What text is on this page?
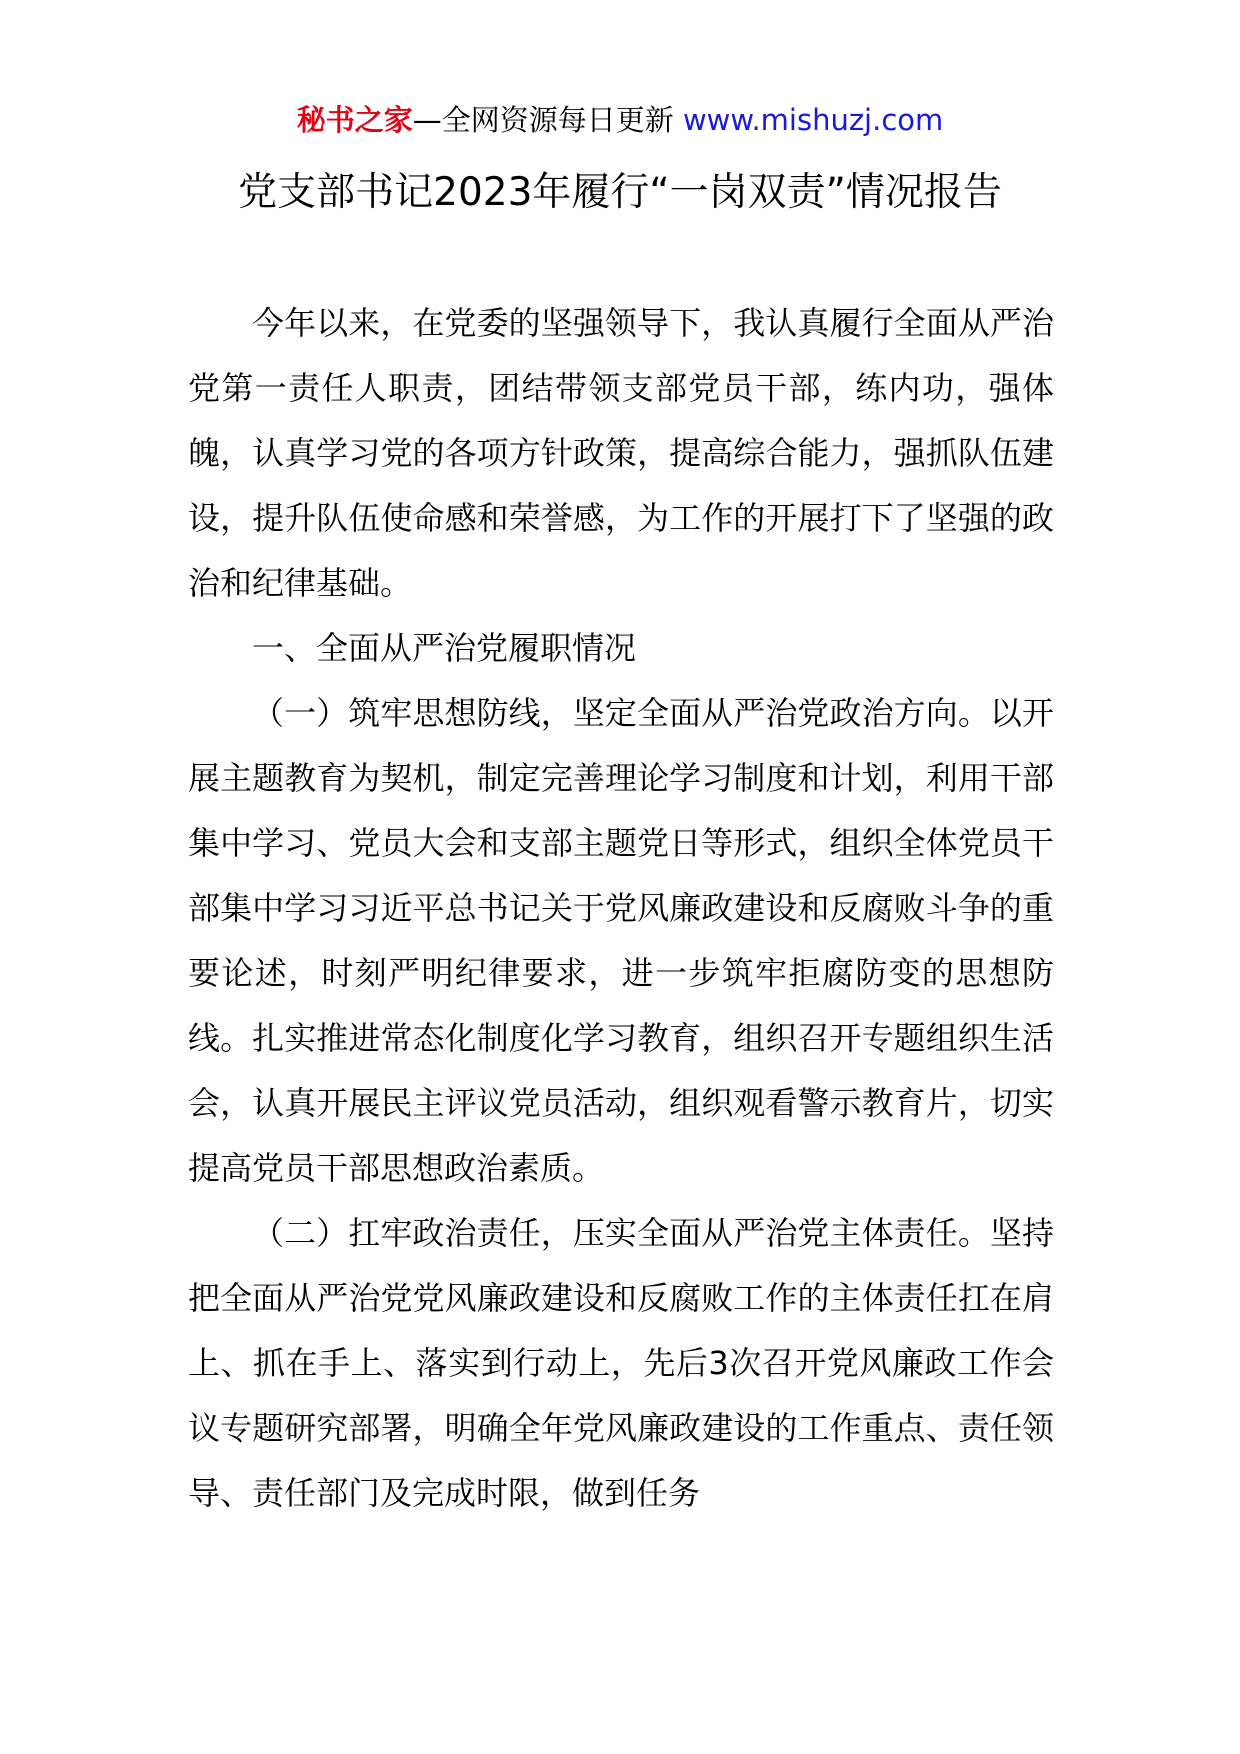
秘书之家—全网资源每日更新 www.mishuzj.com
党支部书记2023年履行“一岗双责”情况报告

今年以来，在党委的坚强领导下，我认真履行全面从严治党第一责任人职责，团结带领支部党员干部，练内功，强体魄，认真学习党的各项方针政策，提高综合能力，强抓队伍建设，提升队伍使命感和荣誉感，为工作的开展打下了坚强的政治和纪律基础。

一、全面从严治党履职情况

（一）筑牢思想防线，坚定全面从严治党政治方向。以开展主题教育为契机，制定完善理论学习制度和计划，利用干部集中学习、党员大会和支部主题党日等形式，组织全体党员干部集中学习习近平总书记关于党风廉政建设和反腐败斗争的重要论述，时刻严明纪律要求，进一步筑牢拒腐防变的思想防线。扎实推进常态化制度化学习教育，组织召开专题组织生活会，认真开展民主评议党员活动，组织观看警示教育片，切实提高党员干部思想政治素质。

（二）扛牢政治责任，压实全面从严治党主体责任。坚持把全面从严治党党风廉政建设和反腐败工作的主体责任扛在肩上、抓在手上、落实到行动上，先后3次召开党风廉政工作会议专题研究部署，明确全年党风廉政建设的工作重点、责任领导、责任部门及完成时限，做到任务
